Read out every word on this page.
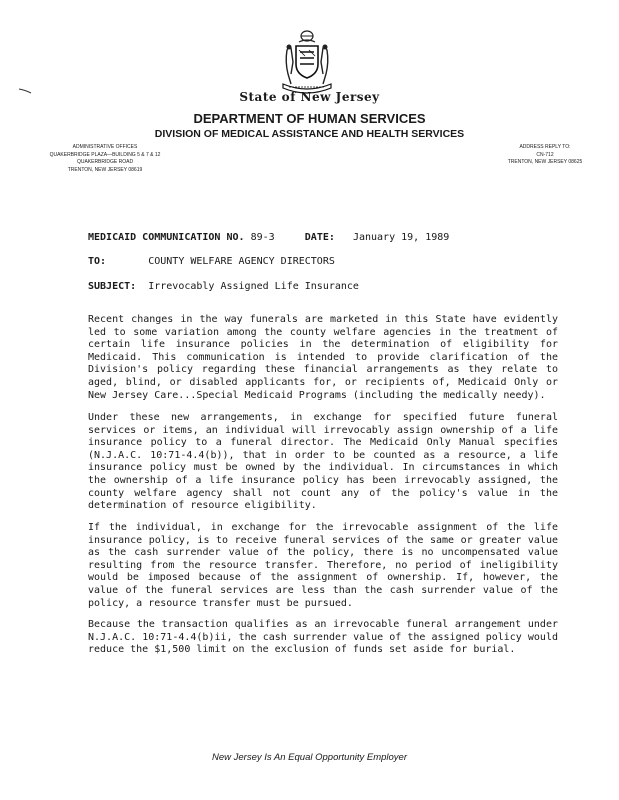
State of New Jersey
DEPARTMENT OF HUMAN SERVICES
DIVISION OF MEDICAL ASSISTANCE AND HEALTH SERVICES
ADMINISTRATIVE OFFICES
QUAKERBRIDGE PLAZA—BUILDING 5 & 7 & 12
QUAKERBRIDGE ROAD
TRENTON, NEW JERSEY 08619
ADDRESS REPLY TO:
CN-712
TRENTON, NEW JERSEY 08625
MEDICAID COMMUNICATION NO. 89-3	DATE: January 19, 1989
TO:	COUNTY WELFARE AGENCY DIRECTORS
SUBJECT: Irrevocably Assigned Life Insurance
Recent changes in the way funerals are marketed in this State have evidently led to some variation among the county welfare agencies in the treatment of certain life insurance policies in the determination of eligibility for Medicaid. This communication is intended to provide clarification of the Division's policy regarding these financial arrangements as they relate to aged, blind, or disabled applicants for, or recipients of, Medicaid Only or New Jersey Care...Special Medicaid Programs (including the medically needy).
Under these new arrangements, in exchange for specified future funeral services or items, an individual will irrevocably assign ownership of a life insurance policy to a funeral director. The Medicaid Only Manual specifies (N.J.A.C. 10:71-4.4(b)), that in order to be counted as a resource, a life insurance policy must be owned by the individual. In circumstances in which the ownership of a life insurance policy has been irrevocably assigned, the county welfare agency shall not count any of the policy's value in the determination of resource eligibility.
If the individual, in exchange for the irrevocable assignment of the life insurance policy, is to receive funeral services of the same or greater value as the cash surrender value of the policy, there is no uncompensated value resulting from the resource transfer. Therefore, no period of ineligibility would be imposed because of the assignment of ownership. If, however, the value of the funeral services are less than the cash surrender value of the policy, a resource transfer must be pursued.
Because the transaction qualifies as an irrevocable funeral arrangement under N.J.A.C. 10:71-4.4(b)ii, the cash surrender value of the assigned policy would reduce the $1,500 limit on the exclusion of funds set aside for burial.
New Jersey Is An Equal Opportunity Employer
